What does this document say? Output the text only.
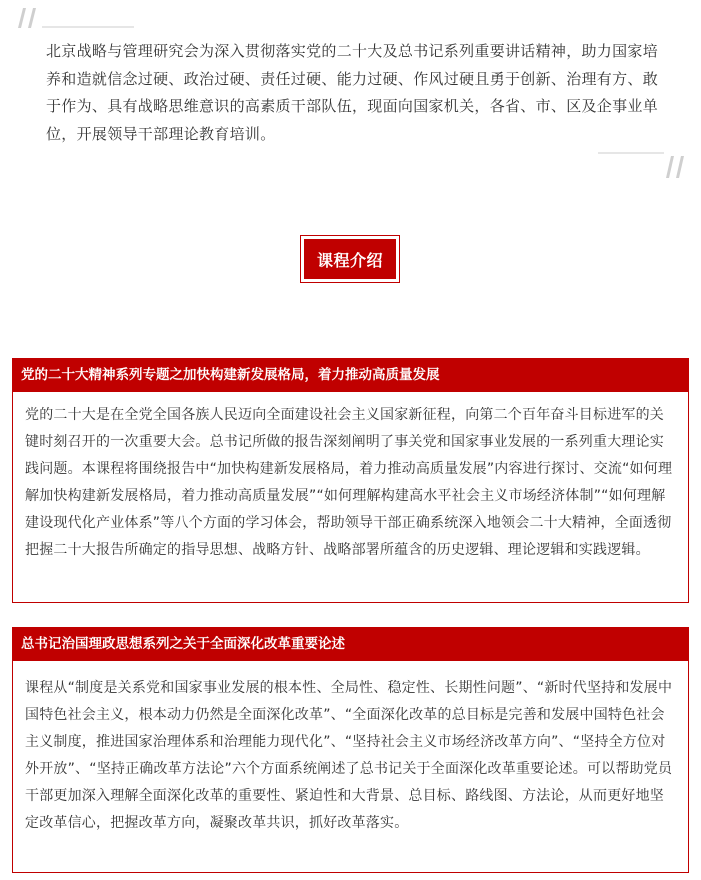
北京战略与管理研究会为深入贯彻落实党的二十大及总书记系列重要讲话精神，助力国家培养和造就信念过硬、政治过硬、责任过硬、能力过硬、作风过硬且勇于创新、治理有方、敢于作为、具有战略思维意识的高素质干部队伍，现面向国家机关，各省、市、区及企事业单位，开展领导干部理论教育培训。

课程介绍
党的二十大精神系列专题之加快构建新发展格局，着力推动高质量发展

党的二十大是在全党全国各族人民迈向全面建设社会主义国家新征程，向第二个百年奋斗目标进军的关键时刻召开的一次重要大会。总书记所做的报告深刻阐明了事关党和国家事业发展的一系列重大理论实践问题。本课程将围绕报告中“加快构建新发展格局，着力推动高质量发展”内容进行探讨、交流“如何理解加快构建新发展格局，着力推动高质量发展”“如何理解构建高水平社会主义市场经济体制”“如何理解建设现代化产业体系”等八个方面的学习体会，帮助领导干部正确系统深入地领会二十大精神，全面透彻把握二十大报告所确定的指导思想、战略方针、战略部署所蕴含的历史逻辑、理论逻辑和实践逻辑。

总书记治国理政思想系列之关于全面深化改革重要论述

课程从“制度是关系党和国家事业发展的根本性、全局性、稳定性、长期性问题”、“新时代坚持和发展中国特色社会主义，根本动力仍然是全面深化改革”、“全面深化改革的总目标是完善和发展中国特色社会主义制度，推进国家治理体系和治理能力现代化”、“坚持社会主义市场经济改革方向”、“坚持全方位对外开放”、“坚持正确改革方法论”六个方面系统阐述了总书记关于全面深化改革重要论述。可以帮助党员干部更加深入理解全面深化改革的重要性、紧迫性和大背景、总目标、路线图、方法论，从而更好地坚定改革信心，把握改革方向，凝聚改革共识，抓好改革落实。
